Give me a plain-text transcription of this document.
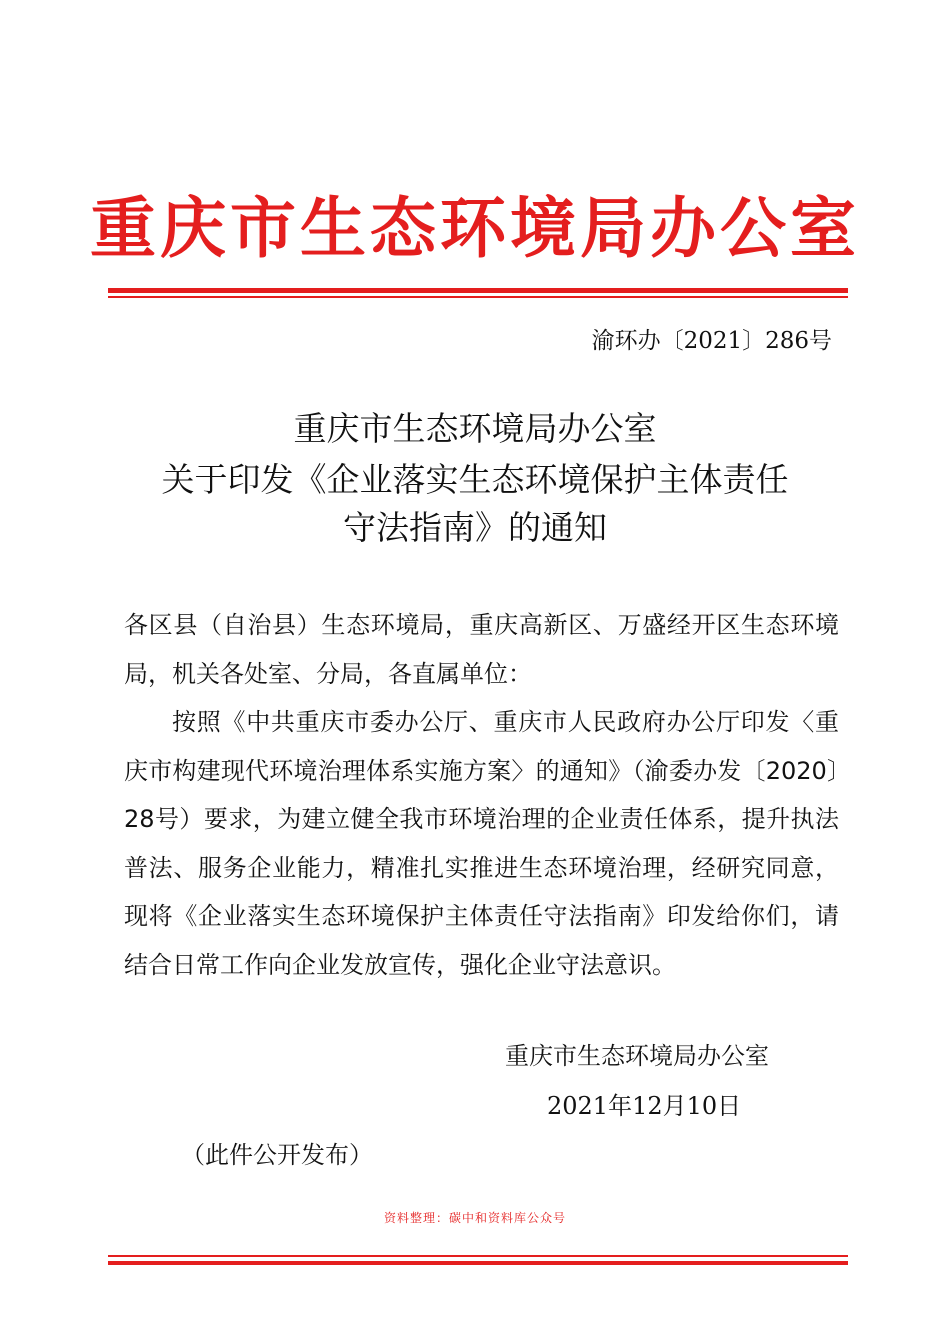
重庆市生态环境局办公室
渝环办〔2021〕286号
重庆市生态环境局办公室
关于印发《企业落实生态环境保护主体责任
守法指南》的通知

各区县（自治县）生态环境局，重庆高新区、万盛经开区生态环境局，机关各处室、分局，各直属单位：

按照《中共重庆市委办公厅、重庆市人民政府办公厅印发〈重庆市构建现代环境治理体系实施方案〉的通知》（渝委办发〔2020〕28号）要求，为建立健全我市环境治理的企业责任体系，提升执法普法、服务企业能力，精准扎实推进生态环境治理，经研究同意，现将《企业落实生态环境保护主体责任守法指南》印发给你们，请结合日常工作向企业发放宣传，强化企业守法意识。

重庆市生态环境局办公室
2021年12月10日
（此件公开发布）
资料整理：碳中和资料库公众号
